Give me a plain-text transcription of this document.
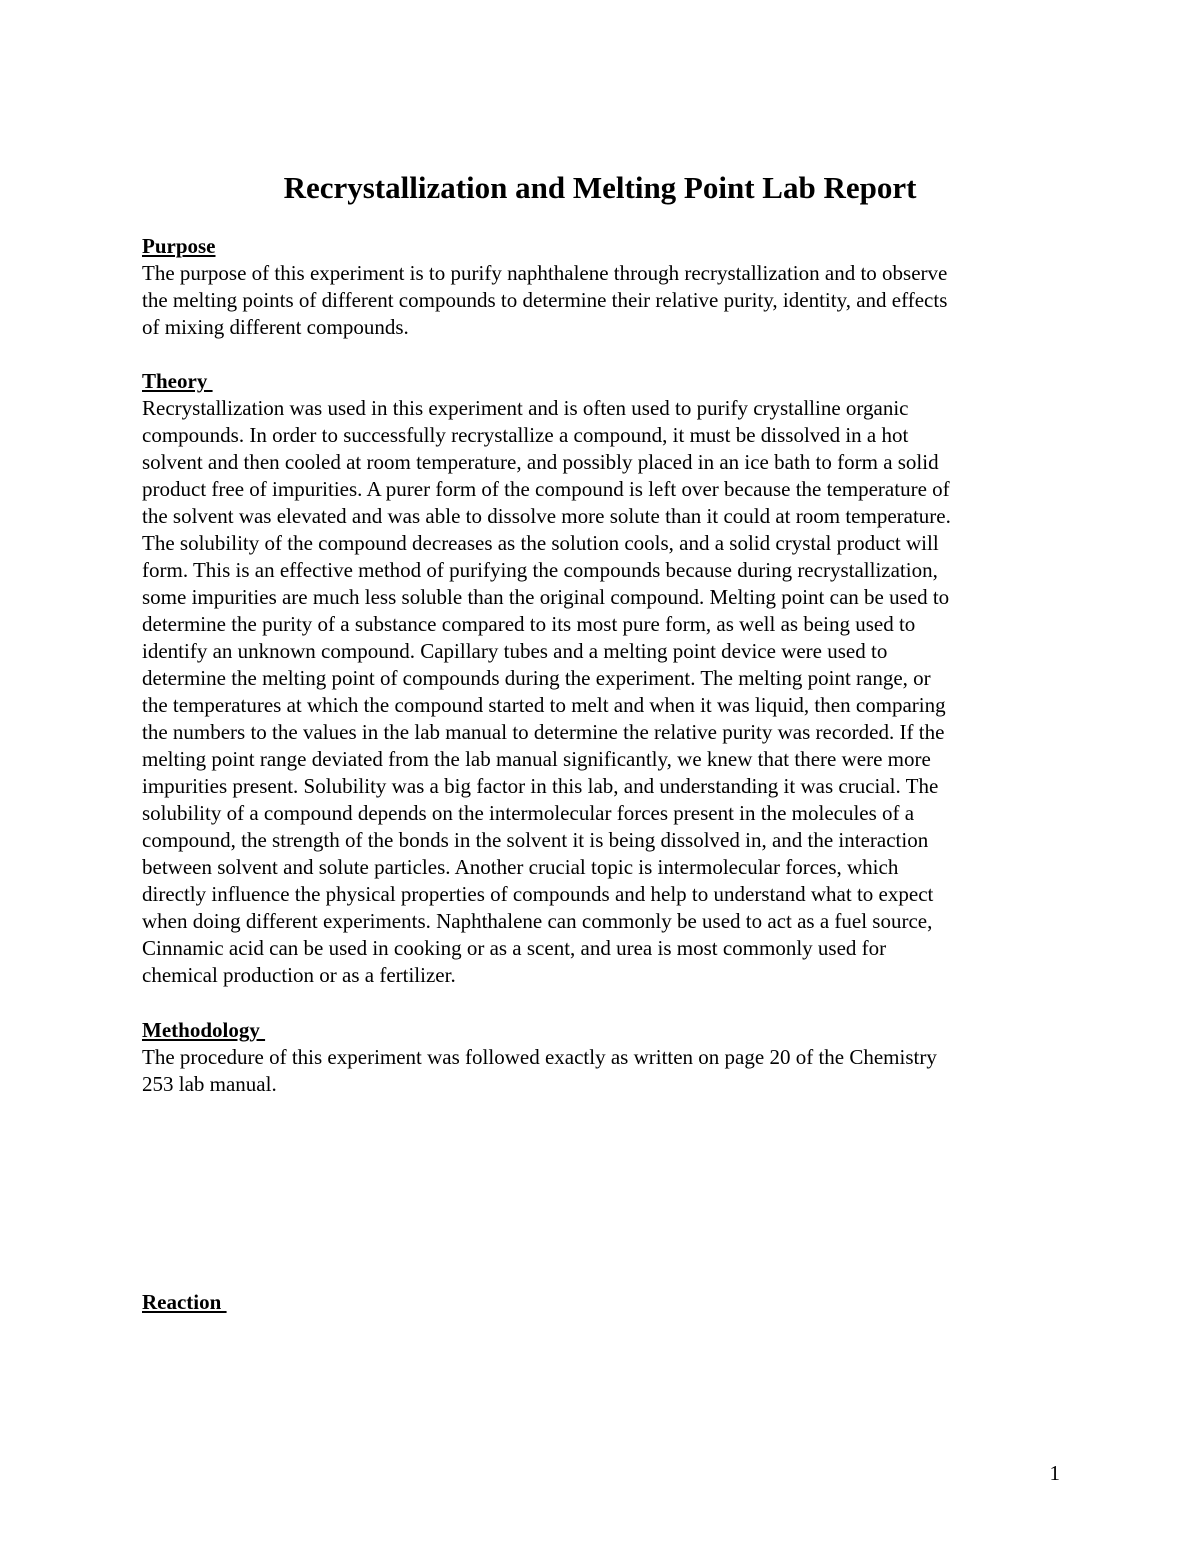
Recrystallization and Melting Point Lab Report
Purpose

The purpose of this experiment is to purify naphthalene through recrystallization and to observe
the melting points of different compounds to determine their relative purity, identity, and effects
of mixing different compounds.

Theory

Recrystallization was used in this experiment and is often used to purify crystalline organic
compounds. In order to successfully recrystallize a compound, it must be dissolved in a hot
solvent and then cooled at room temperature, and possibly placed in an ice bath to form a solid
product free of impurities. A purer form of the compound is left over because the temperature of
the solvent was elevated and was able to dissolve more solute than it could at room temperature.
The solubility of the compound decreases as the solution cools, and a solid crystal product will
form. This is an effective method of purifying the compounds because during recrystallization,
some impurities are much less soluble than the original compound. Melting point can be used to
determine the purity of a substance compared to its most pure form, as well as being used to
identify an unknown compound. Capillary tubes and a melting point device were used to
determine the melting point of compounds during the experiment. The melting point range, or
the temperatures at which the compound started to melt and when it was liquid, then comparing
the numbers to the values in the lab manual to determine the relative purity was recorded. If the
melting point range deviated from the lab manual significantly, we knew that there were more
impurities present. Solubility was a big factor in this lab, and understanding it was crucial. The
solubility of a compound depends on the intermolecular forces present in the molecules of a
compound, the strength of the bonds in the solvent it is being dissolved in, and the interaction
between solvent and solute particles. Another crucial topic is intermolecular forces, which
directly influence the physical properties of compounds and help to understand what to expect
when doing different experiments. Naphthalene can commonly be used to act as a fuel source,
Cinnamic acid can be used in cooking or as a scent, and urea is most commonly used for
chemical production or as a fertilizer.

Methodology

The procedure of this experiment was followed exactly as written on page 20 of the Chemistry
253 lab manual.

Reaction
1
